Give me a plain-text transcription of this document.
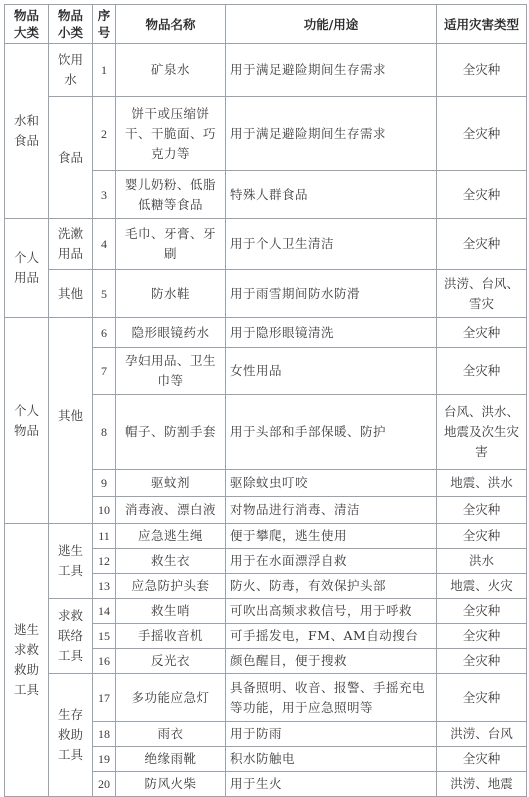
物品大类	物品小类	序号	物品名称	功能/用途	适用灾害类型
水和食品	饮用水	1	矿泉水	用于满足避险期间生存需求	全灾种
	食品	2	饼干或压缩饼干、干脆面、巧克力等	用于满足避险期间生存需求	全灾种
		3	婴儿奶粉、低脂低糖等食品	特殊人群食品	全灾种
个人用品	洗漱用品	4	毛巾、牙膏、牙刷	用于个人卫生清洁	全灾种
	其他	5	防水鞋	用于雨雪期间防水防滑	洪涝、台风、雪灾
个人物品	其他	6	隐形眼镜药水	用于隐形眼镜清洗	全灾种
		7	孕妇用品、卫生巾等	女性用品	全灾种
		8	帽子、防割手套	用于头部和手部保暖、防护	台风、洪水、地震及次生灾害
		9	驱蚊剂	驱除蚊虫叮咬	地震、洪水
		10	消毒液、漂白液	对物品进行消毒、清洁	全灾种
逃生求救救助工具	逃生工具	11	应急逃生绳	便于攀爬，逃生使用	全灾种
		12	救生衣	用于在水面漂浮自救	洪水
		13	应急防护头套	防火、防毒，有效保护头部	地震、火灾
	求救联络工具	14	救生哨	可吹出高频求救信号，用于呼救	全灾种
		15	手摇收音机	可手摇发电，FM、AM自动搜台	全灾种
		16	反光衣	颜色醒目，便于搜救	全灾种
	生存救助工具	17	多功能应急灯	具备照明、收音、报警、手摇充电等功能，用于应急照明等	全灾种
		18	雨衣	用于防雨	洪涝、台风
		19	绝缘雨靴	积水防触电	全灾种
		20	防风火柴	用于生火	洪涝、地震
